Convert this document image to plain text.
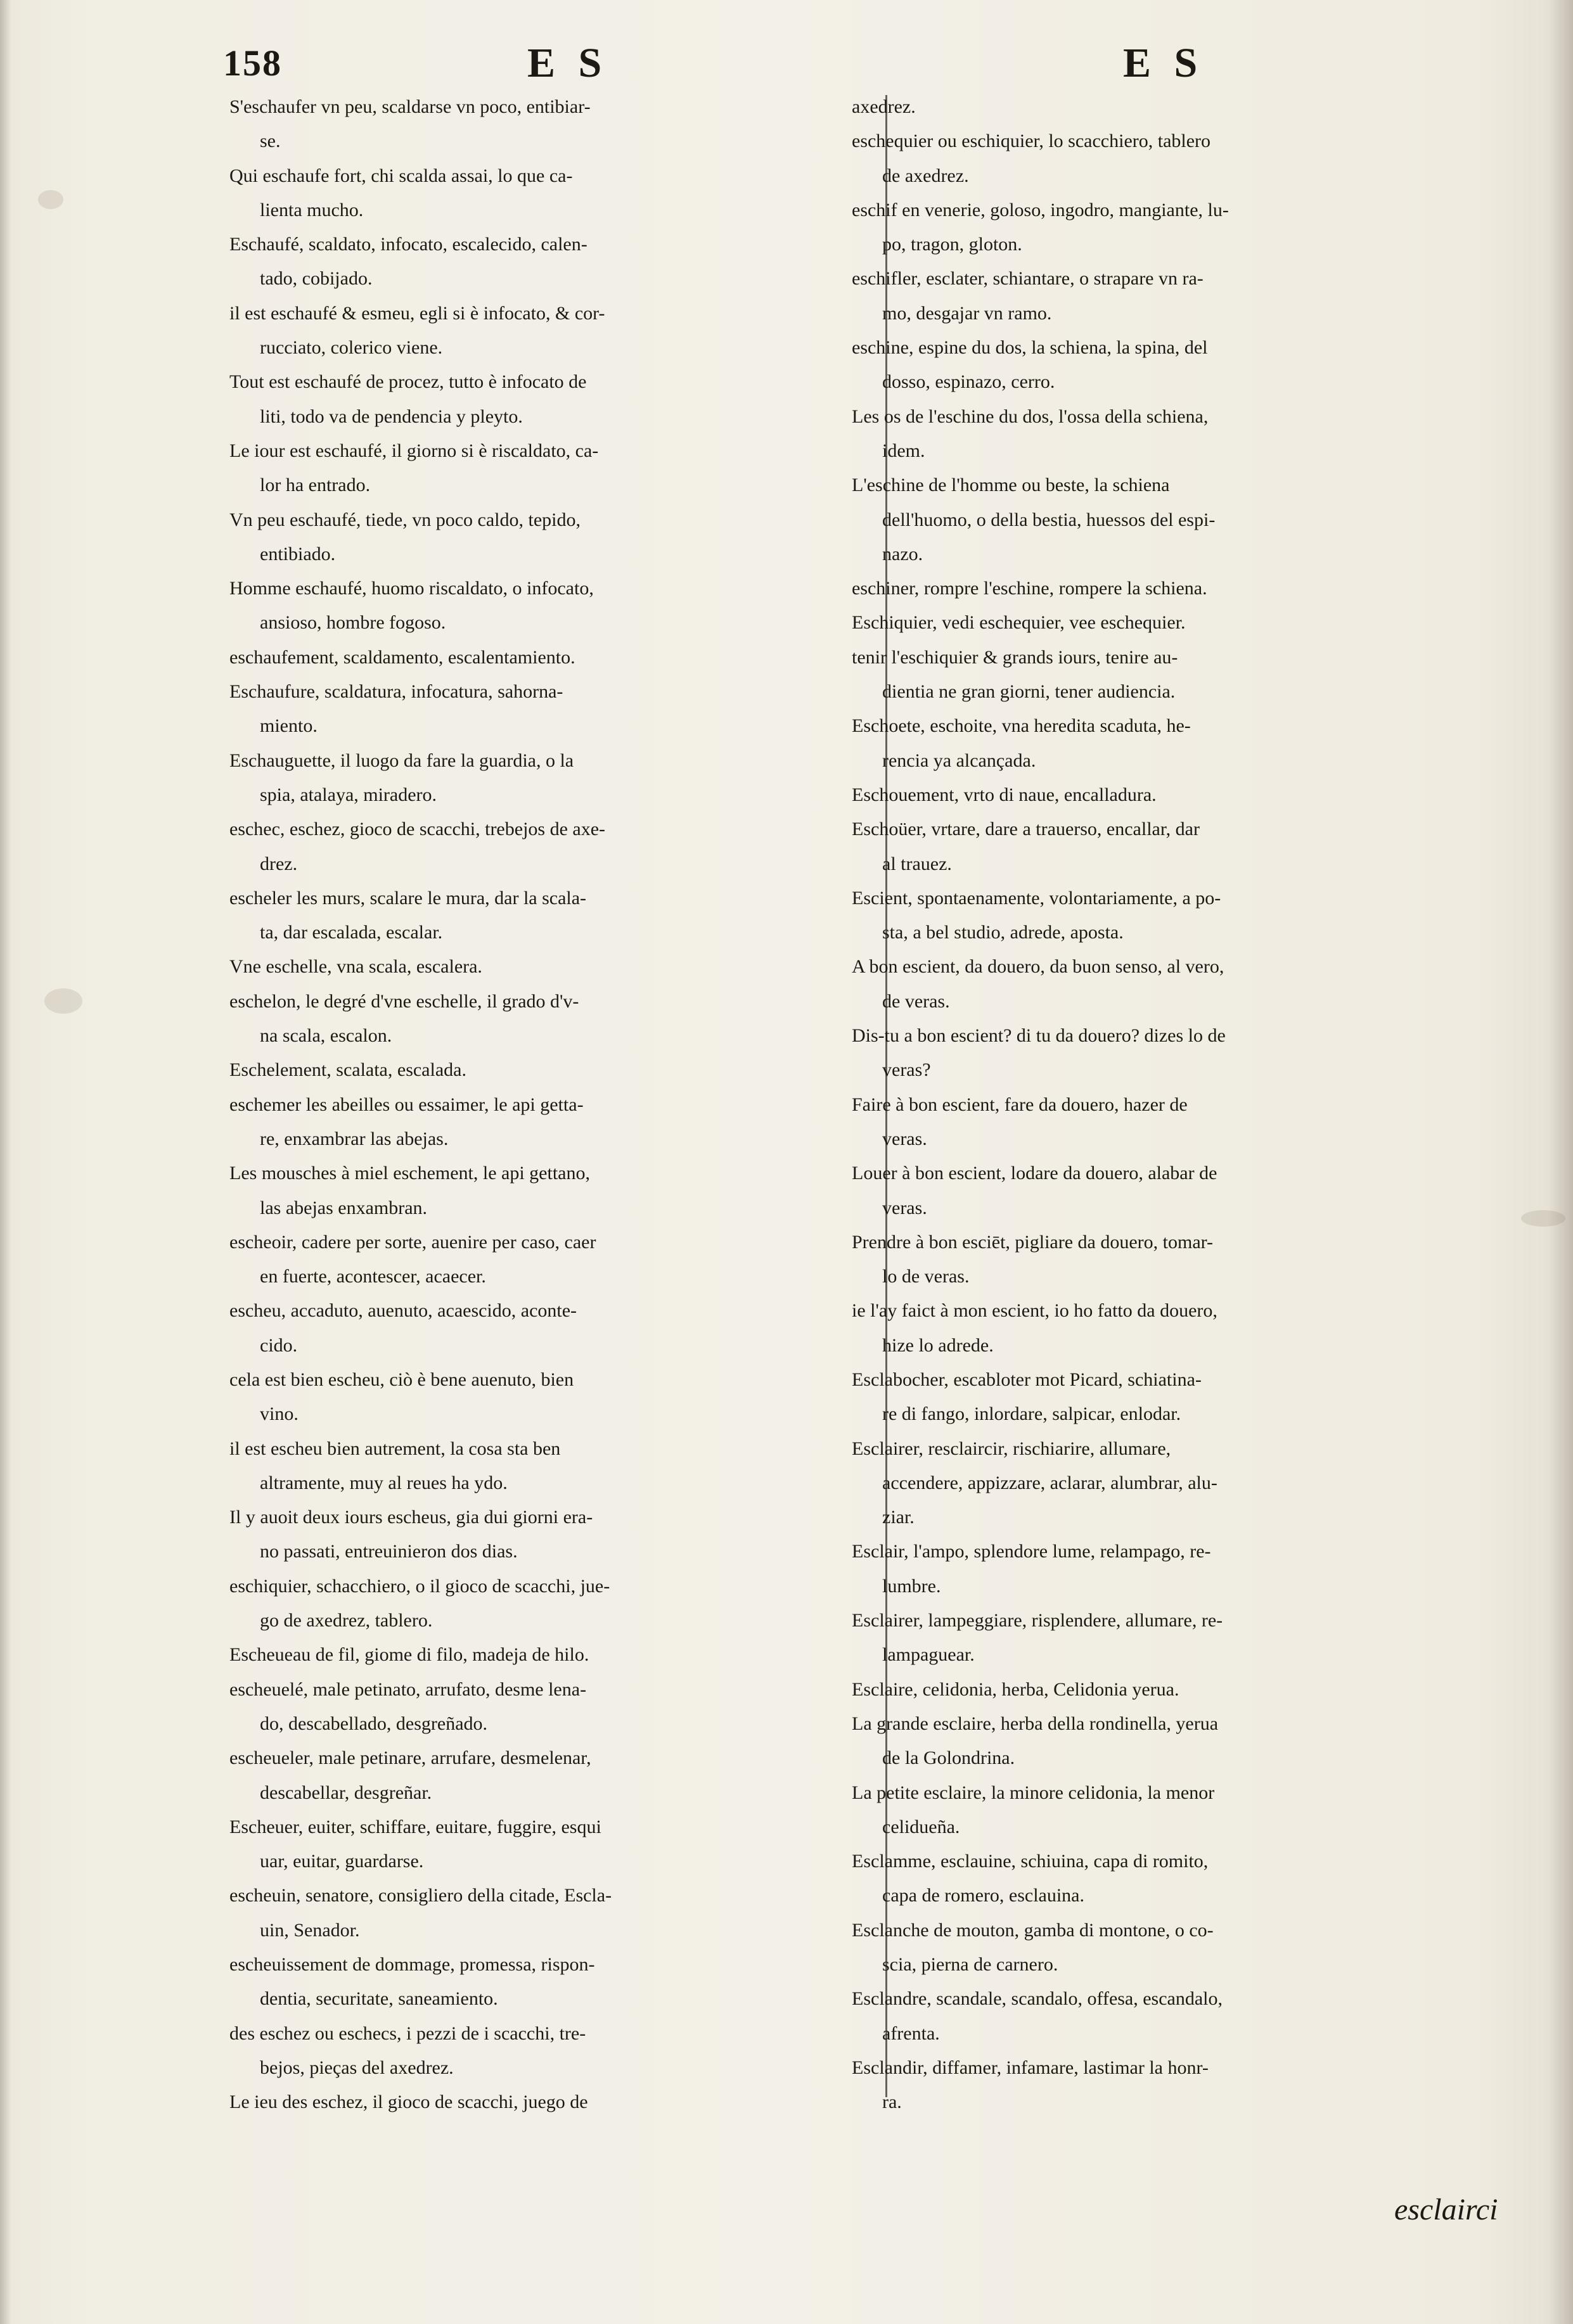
158	E S	E S
S'eschaufer vn peu, scaldarse vn poco, entibiar-
se.
Qui eschaufe fort, chi scalda assai, lo que ca-
lienta mucho.
Eschaufé, scaldato, infocato, escalecido, calen-
tado, cobijado.
il est eschaufé & esmeu, egli si è infocato, & cor-
rucciato, colerico viene.
Tout est eschaufé de procez, tutto è infocato de
liti, todo va de pendencia y pleyto.
Le iour est eschaufé, il giorno si è riscaldato, ca-
lor ha entrado.
Vn peu eschaufé, tiede, vn poco caldo, tepido,
entibiado.
Homme eschaufé, huomo riscaldato, o infocato,
ansioso, hombre fogoso.
eschaufement, scaldamento, escalentamiento.
Eschaufure, scaldatura, infocatura, sahorna-
miento.
Eschauguette, il luogo da fare la guardia, o la
spia, atalaya, miradero.
eschec, eschez, gioco de scacchi, trebejos de axe-
drez.
escheler les murs, scalare le mura, dar la scala-
ta, dar escalada, escalar.
Vne eschelle, vna scala, escalera.
eschelon, le degré d'vne eschelle, il grado d'v-
na scala, escalon.
Eschelement, scalata, escalada.
eschemer les abeilles ou essaimer, le api getta-
re, enxambrar las abejas.
Les mousches à miel eschement, le api gettano,
las abejas enxambran.
escheoir, cadere per sorte, auenire per caso, caer
en fuerte, acontescer, acaecer.
escheu, accaduto, auenuto, acaescido, aconte-
cido.
cela est bien escheu, ciò è bene auenuto, bien
vino.
il est escheu bien autrement, la cosa sta ben
altramente, muy al reues ha ydo.
Il y auoit deux iours escheus, gia dui giorni era-
no passati, entreuinieron dos dias.
eschiquier, schacchiero, o il gioco de scacchi, jue-
go de axedrez, tablero.
Escheueau de fil, giome di filo, madeja de hilo.
escheuelé, male petinato, arrufato, desme lena-
do, descabellado, desgreñado.
escheueler, male petinare, arrufare, desmelenar,
descabellar, desgreñar.
Escheuer, euiter, schiffare, euitare, fuggire, esqui
uar, euitar, guardarse.
escheuin, senatore, consigliero della citade, Escla-
uin, Senador.
escheuissement de dommage, promessa, rispon-
dentia, securitate, saneamiento.
des eschez ou eschecs, i pezzi de i scacchi, tre-
bejos, pieças del axedrez.
Le ieu des eschez, il gioco de scacchi, juego de
axedrez.
eschequier ou eschiquier, lo scacchiero, tablero
de axedrez.
eschif en venerie, goloso, ingodro, mangiante, lu-
po, tragon, gloton.
eschifler, esclater, schiantare, o strapare vn ra-
mo, desgajar vn ramo.
eschine, espine du dos, la schiena, la spina, del
dosso, espinazo, cerro.
Les os de l'eschine du dos, l'ossa della schiena,
idem.
L'eschine de l'homme ou beste, la schiena
dell'huomo, o della bestia, huessos del espi-
nazo.
eschiner, rompre l'eschine, rompere la schiena.
Eschiquier, vedi eschequier, vee eschequier.
tenir l'eschiquier & grands iours, tenire au-
dientia ne gran giorni, tener audiencia.
Eschoete, eschoite, vna heredita scaduta, he-
rencia ya alcançada.
Eschouement, vrto di naue, encalladura.
Eschoüer, vrtare, dare a trauerso, encallar, dar
al trauez.
Escient, spontaenamente, volontariamente, a po-
sta, a bel studio, adrede, aposta.
A bon escient, da douero, da buon senso, al vero,
de veras.
Dis-tu a bon escient? di tu da douero? dizes lo de
veras?
Faire à bon escient, fare da douero, hazer de
veras.
Louer à bon escient, lodare da douero, alabar de
veras.
Prendre à bon esciēt, pigliare da douero, tomar-
lo de veras.
ie l'ay faict à mon escient, io ho fatto da douero,
hize lo adrede.
Esclabocher, escabloter mot Picard, schiatina-
re di fango, inlordare, salpicar, enlodar.
Esclairer, resclaircir, rischiarire, allumare,
accendere, appizzare, aclarar, alumbrar, alu-
ziar.
Esclair, l'ampo, splendore lume, relampago, re-
lumbre.
Esclairer, lampeggiare, risplendere, allumare, re-
lampaguear.
Esclaire, celidonia, herba, Celidonia yerua.
La grande esclaire, herba della rondinella, yerua
de la Golondrina.
La petite esclaire, la minore celidonia, la menor
celidueña.
Esclamme, esclauine, schiuina, capa di romito,
capa de romero, esclauina.
Esclanche de mouton, gamba di montone, o co-
scia, pierna de carnero.
Esclandre, scandale, scandalo, offesa, escandalo,
afrenta.
Esclandir, diffamer, infamare, lastimar la honr-
ra.
esclairci
